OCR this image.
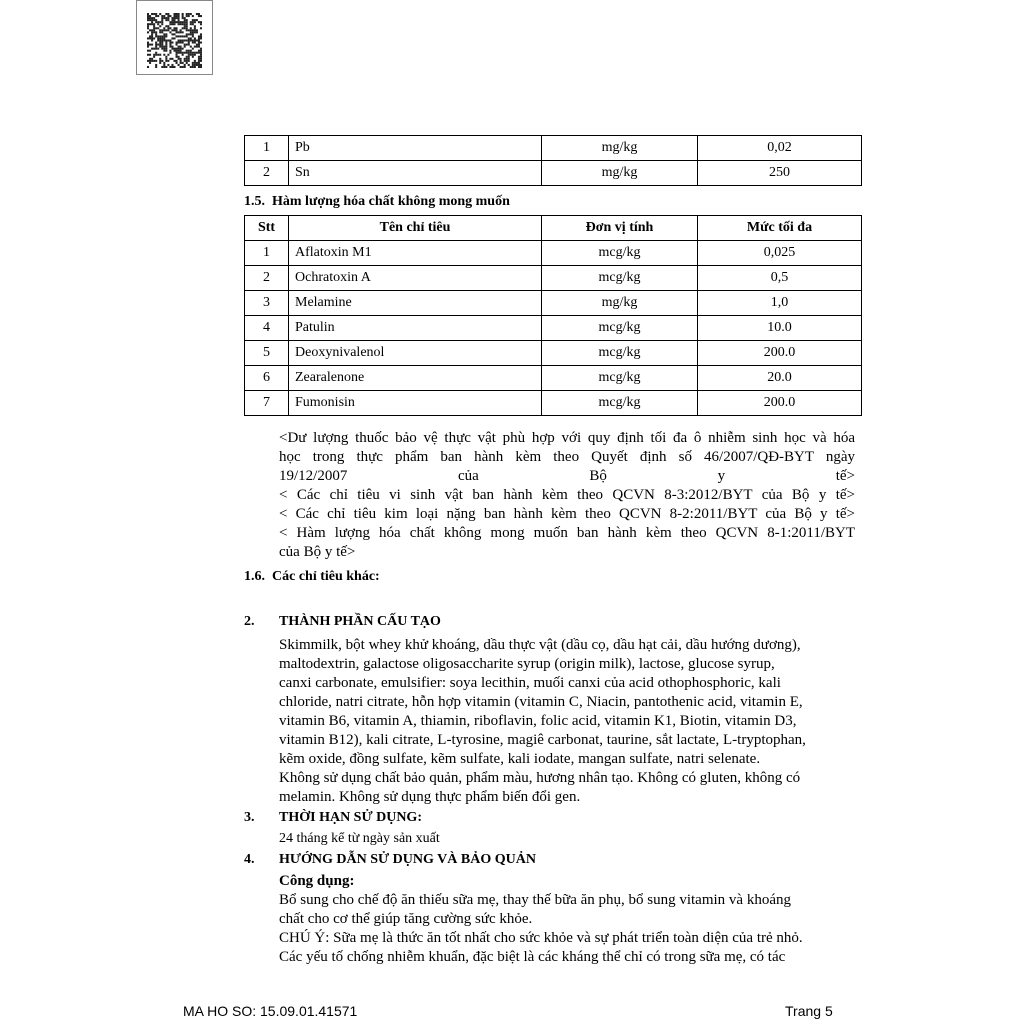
1	Pb	mg/kg	0,02
2	Sn	mg/kg	250
1.5. Hàm lượng hóa chất không mong muốn
Stt	Tên chỉ tiêu	Đơn vị tính	Mức tối đa
1	Aflatoxin M1	mcg/kg	0,025
2	Ochratoxin A	mcg/kg	0,5
3	Melamine	mg/kg	1,0
4	Patulin	mcg/kg	10.0
5	Deoxynivalenol	mcg/kg	200.0
6	Zearalenone	mcg/kg	20.0
7	Fumonisin	mcg/kg	200.0
<Dư lượng thuốc bảo vệ thực vật phù hợp với quy định tối đa ô nhiễm sinh học và hóa
học trong thực phẩm ban hành kèm theo Quyết định số 46/2007/QĐ-BYT ngày
19/12/2007 của Bộ y tế>
< Các chỉ tiêu vi sinh vật ban hành kèm theo QCVN 8-3:2012/BYT của Bộ y tế>
< Các chỉ tiêu kim loại nặng ban hành kèm theo QCVN 8-2:2011/BYT của Bộ y tế>
< Hàm lượng hóa chất không mong muốn ban hành kèm theo QCVN 8-1:2011/BYT
của Bộ y tế>
1.6. Các chỉ tiêu khác:
2. THÀNH PHẦN CẤU TẠO
Skimmilk, bột whey khử khoáng, dầu thực vật (dầu cọ, dầu hạt cải, dầu hướng dương),
maltodextrin, galactose oligosaccharite syrup (origin milk), lactose, glucose syrup,
canxi carbonate, emulsifier: soya lecithin, muối canxi của acid othophosphoric, kali
chloride, natri citrate, hỗn hợp vitamin (vitamin C, Niacin, pantothenic acid, vitamin E,
vitamin B6, vitamin A, thiamin, riboflavin, folic acid, vitamin K1, Biotin, vitamin D3,
vitamin B12), kali citrate, L-tyrosine, magiê carbonat, taurine, sắt lactate, L-tryptophan,
kẽm oxide, đồng sulfate, kẽm sulfate, kali iodate, mangan sulfate, natri selenate.
Không sử dụng chất bảo quản, phẩm màu, hương nhân tạo. Không có gluten, không có
melamin. Không sử dụng thực phẩm biến đổi gen.
3. THỜI HẠN SỬ DỤNG:
24 tháng kể từ ngày sản xuất
4. HƯỚNG DẪN SỬ DỤNG VÀ BẢO QUẢN
Công dụng:
Bổ sung cho chế độ ăn thiếu sữa mẹ, thay thế bữa ăn phụ, bổ sung vitamin và khoáng
chất cho cơ thể giúp tăng cường sức khỏe.
CHÚ Ý: Sữa mẹ là thức ăn tốt nhất cho sức khỏe và sự phát triển toàn diện của trẻ nhỏ.
Các yếu tố chống nhiễm khuẩn, đặc biệt là các kháng thể chỉ có trong sữa mẹ, có tác
MA HO SO: 15.09.01.41571	Trang 5
